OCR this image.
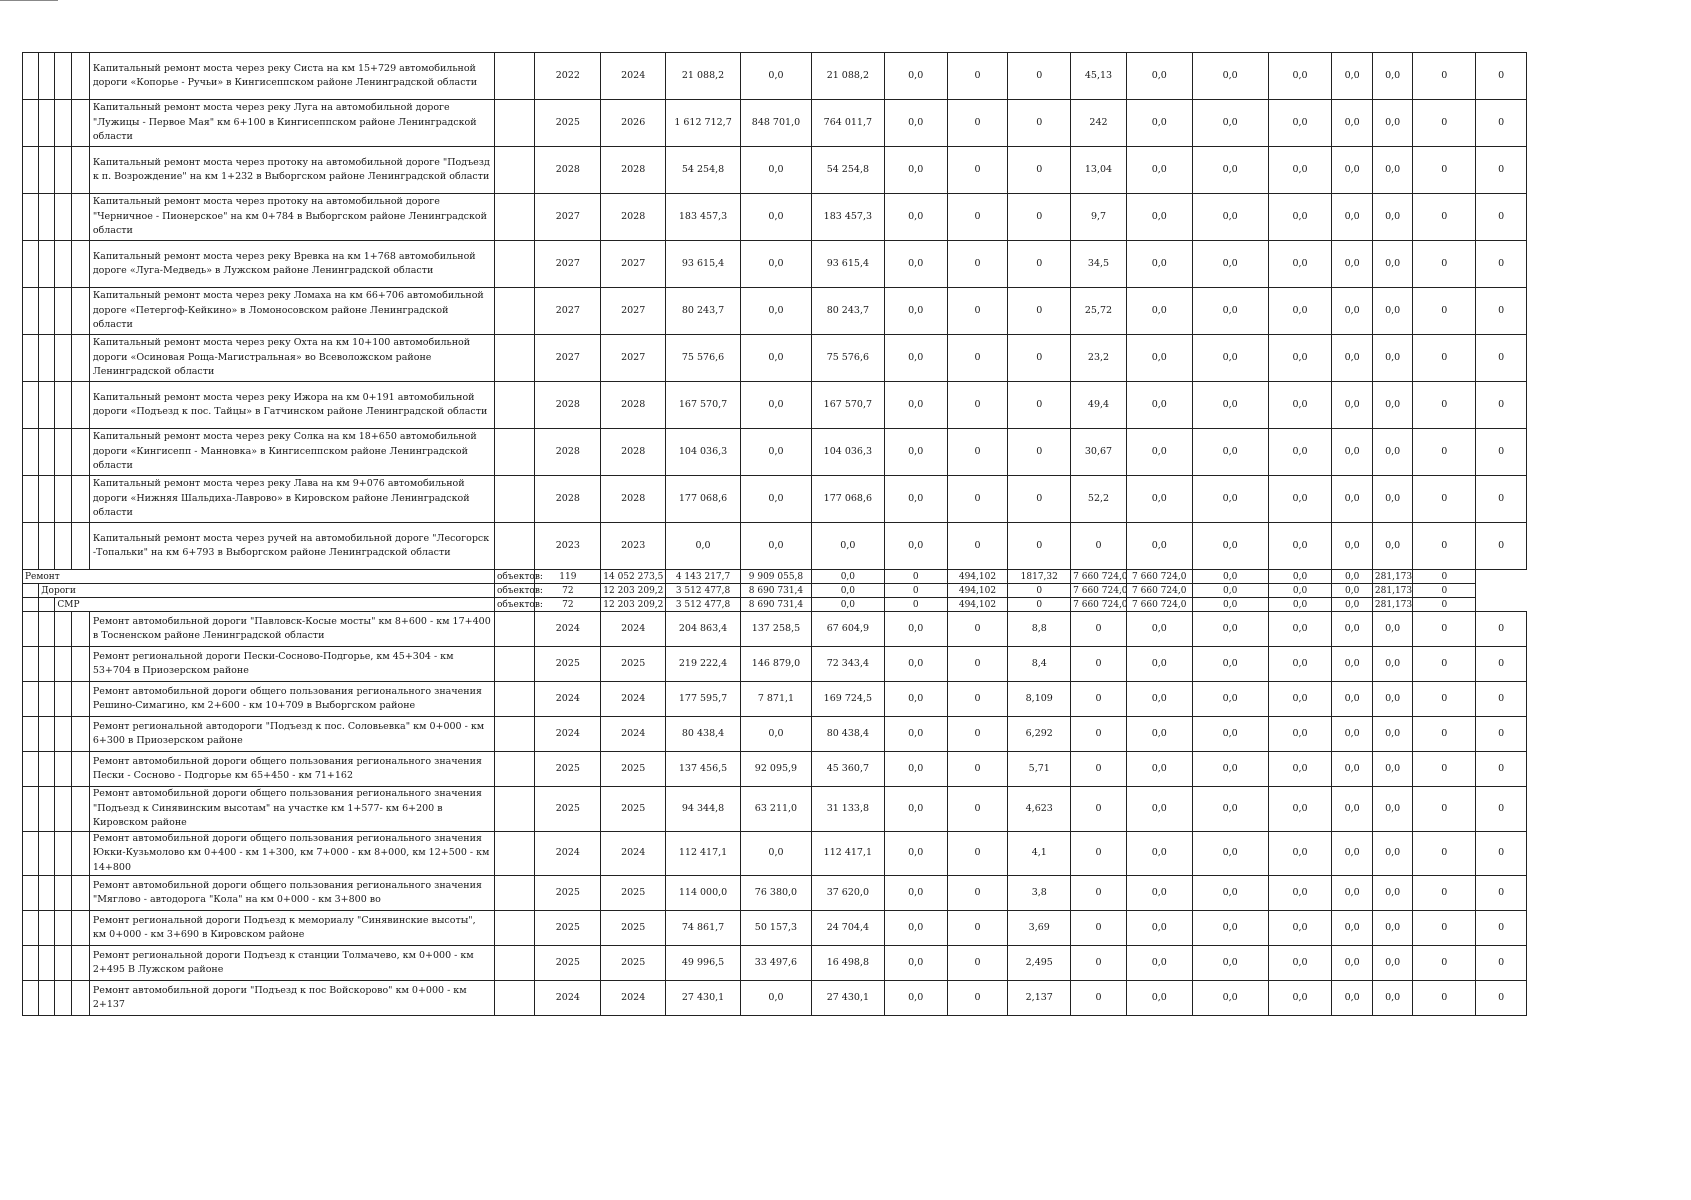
				Капитальный ремонт моста через реку Систа на км 15+729 автомобильной дороги «Копорье - Ручьи» в Кингисеппском районе Ленинградской области		2022	2024	21 088,2	0,0	21 088,2	0,0	0	0	45,13	0,0	0,0	0,0	0,0	0,0	0	0
				Капитальный ремонт моста через реку Луга на автомобильной дороге "Лужицы - Первое Мая" км 6+100 в Кингисеппском районе Ленинградской области		2025	2026	1 612 712,7	848 701,0	764 011,7	0,0	0	0	242	0,0	0,0	0,0	0,0	0,0	0	0
				Капитальный ремонт моста через протоку на автомобильной дороге "Подъезд к п. Возрождение" на км 1+232 в Выборгском районе Ленинградской области		2028	2028	54 254,8	0,0	54 254,8	0,0	0	0	13,04	0,0	0,0	0,0	0,0	0,0	0	0
				Капитальный ремонт моста через протоку на автомобильной дороге "Черничное - Пионерское" на км 0+784 в Выборгском районе Ленинградской области		2027	2028	183 457,3	0,0	183 457,3	0,0	0	0	9,7	0,0	0,0	0,0	0,0	0,0	0	0
				Капитальный ремонт моста через реку Вревка на км 1+768 автомобильной дороге «Луга-Медведь» в Лужском районе Ленинградской области		2027	2027	93 615,4	0,0	93 615,4	0,0	0	0	34,5	0,0	0,0	0,0	0,0	0,0	0	0
				Капитальный ремонт моста через реку Ломаха на км 66+706 автомобильной дороге «Петергоф-Кейкино» в Ломоносовском районе Ленинградской области		2027	2027	80 243,7	0,0	80 243,7	0,0	0	0	25,72	0,0	0,0	0,0	0,0	0,0	0	0
				Капитальный ремонт моста через реку Охта на км 10+100 автомобильной дороги «Осиновая Роща-Магистральная» во Всеволожском районе Ленинградской области		2027	2027	75 576,6	0,0	75 576,6	0,0	0	0	23,2	0,0	0,0	0,0	0,0	0,0	0	0
				Капитальный ремонт моста через реку Ижора на км 0+191 автомобильной дороги «Подъезд к пос. Тайцы» в Гатчинском районе Ленинградской области		2028	2028	167 570,7	0,0	167 570,7	0,0	0	0	49,4	0,0	0,0	0,0	0,0	0,0	0	0
				Капитальный ремонт моста через реку Солка на км 18+650 автомобильной дороги «Кингисепп - Манновка» в Кингисеппском районе Ленинградской области		2028	2028	104 036,3	0,0	104 036,3	0,0	0	0	30,67	0,0	0,0	0,0	0,0	0,0	0	0
				Капитальный ремонт моста через реку Лава на км 9+076 автомобильной дороги «Нижняя Шальдиха-Лаврово» в Кировском районе Ленинградской области		2028	2028	177 068,6	0,0	177 068,6	0,0	0	0	52,2	0,0	0,0	0,0	0,0	0,0	0	0
				Капитальный ремонт моста через ручей на автомобильной дороге "Лесогорск -Топальки" на км 6+793 в Выборгском районе Ленинградской области		2023	2023	0,0	0,0	0,0	0,0	0	0	0	0,0	0,0	0,0	0,0	0,0	0	0
Ремонт					объектов:	119	14 052 273,5	4 143 217,7	9 909 055,8	0,0	0	494,102	1817,32	7 660 724,0	7 660 724,0	0,0	0,0	0,0	281,173	0	
	Дороги				объектов:	72	12 203 209,2	3 512 477,8	8 690 731,4	0,0	0	494,102	0	7 660 724,0	7 660 724,0	0,0	0,0	0,0	281,173	0	
		СМР			объектов:	72	12 203 209,2	3 512 477,8	8 690 731,4	0,0	0	494,102	0	7 660 724,0	7 660 724,0	0,0	0,0	0,0	281,173	0	
				Ремонт автомобильной дороги "Павловск-Косые мосты" км 8+600 - км 17+400 в Тосненском районе Ленинградской области		2024	2024	204 863,4	137 258,5	67 604,9	0,0	0	8,8	0	0,0	0,0	0,0	0,0	0,0	0	0
				Ремонт региональной дороги Пески-Сосново-Подгорье, км 45+304 - км 53+704 в Приозерском районе		2025	2025	219 222,4	146 879,0	72 343,4	0,0	0	8,4	0	0,0	0,0	0,0	0,0	0,0	0	0
				Ремонт автомобильной дороги общего пользования регионального значения Решино-Симагино, км 2+600 - км 10+709 в Выборгском районе		2024	2024	177 595,7	7 871,1	169 724,5	0,0	0	8,109	0	0,0	0,0	0,0	0,0	0,0	0	0
				Ремонт региональной автодороги "Подъезд к пос. Соловьевка" км 0+000 - км 6+300 в Приозерском районе		2024	2024	80 438,4	0,0	80 438,4	0,0	0	6,292	0	0,0	0,0	0,0	0,0	0,0	0	0
				Ремонт автомобильной дороги общего пользования регионального значения Пески - Сосново - Подгорье км 65+450 - км 71+162		2025	2025	137 456,5	92 095,9	45 360,7	0,0	0	5,71	0	0,0	0,0	0,0	0,0	0,0	0	0
				Ремонт автомобильной дороги общего пользования регионального значения "Подъезд к Синявинским высотам" на участке км 1+577- км 6+200 в Кировском районе		2025	2025	94 344,8	63 211,0	31 133,8	0,0	0	4,623	0	0,0	0,0	0,0	0,0	0,0	0	0
				Ремонт автомобильной дороги общего пользования регионального значения Юкки-Кузьмолово км 0+400 - км 1+300, км 7+000 - км 8+000, км 12+500 - км 14+800		2024	2024	112 417,1	0,0	112 417,1	0,0	0	4,1	0	0,0	0,0	0,0	0,0	0,0	0	0
				Ремонт автомобильной дороги общего пользования регионального значения "Мяглово - автодорога "Кола" на км 0+000 - км 3+800 во		2025	2025	114 000,0	76 380,0	37 620,0	0,0	0	3,8	0	0,0	0,0	0,0	0,0	0,0	0	0
				Ремонт региональной дороги Подъезд к мемориалу "Синявинские высоты", км 0+000 - км 3+690 в Кировском районе		2025	2025	74 861,7	50 157,3	24 704,4	0,0	0	3,69	0	0,0	0,0	0,0	0,0	0,0	0	0
				Ремонт региональной дороги Подъезд к станции Толмачево, км 0+000 - км 2+495 В Лужском районе		2025	2025	49 996,5	33 497,6	16 498,8	0,0	0	2,495	0	0,0	0,0	0,0	0,0	0,0	0	0
				Ремонт автомобильной дороги "Подъезд к пос Войскорово" км 0+000 - км 2+137		2024	2024	27 430,1	0,0	27 430,1	0,0	0	2,137	0	0,0	0,0	0,0	0,0	0,0	0	0
